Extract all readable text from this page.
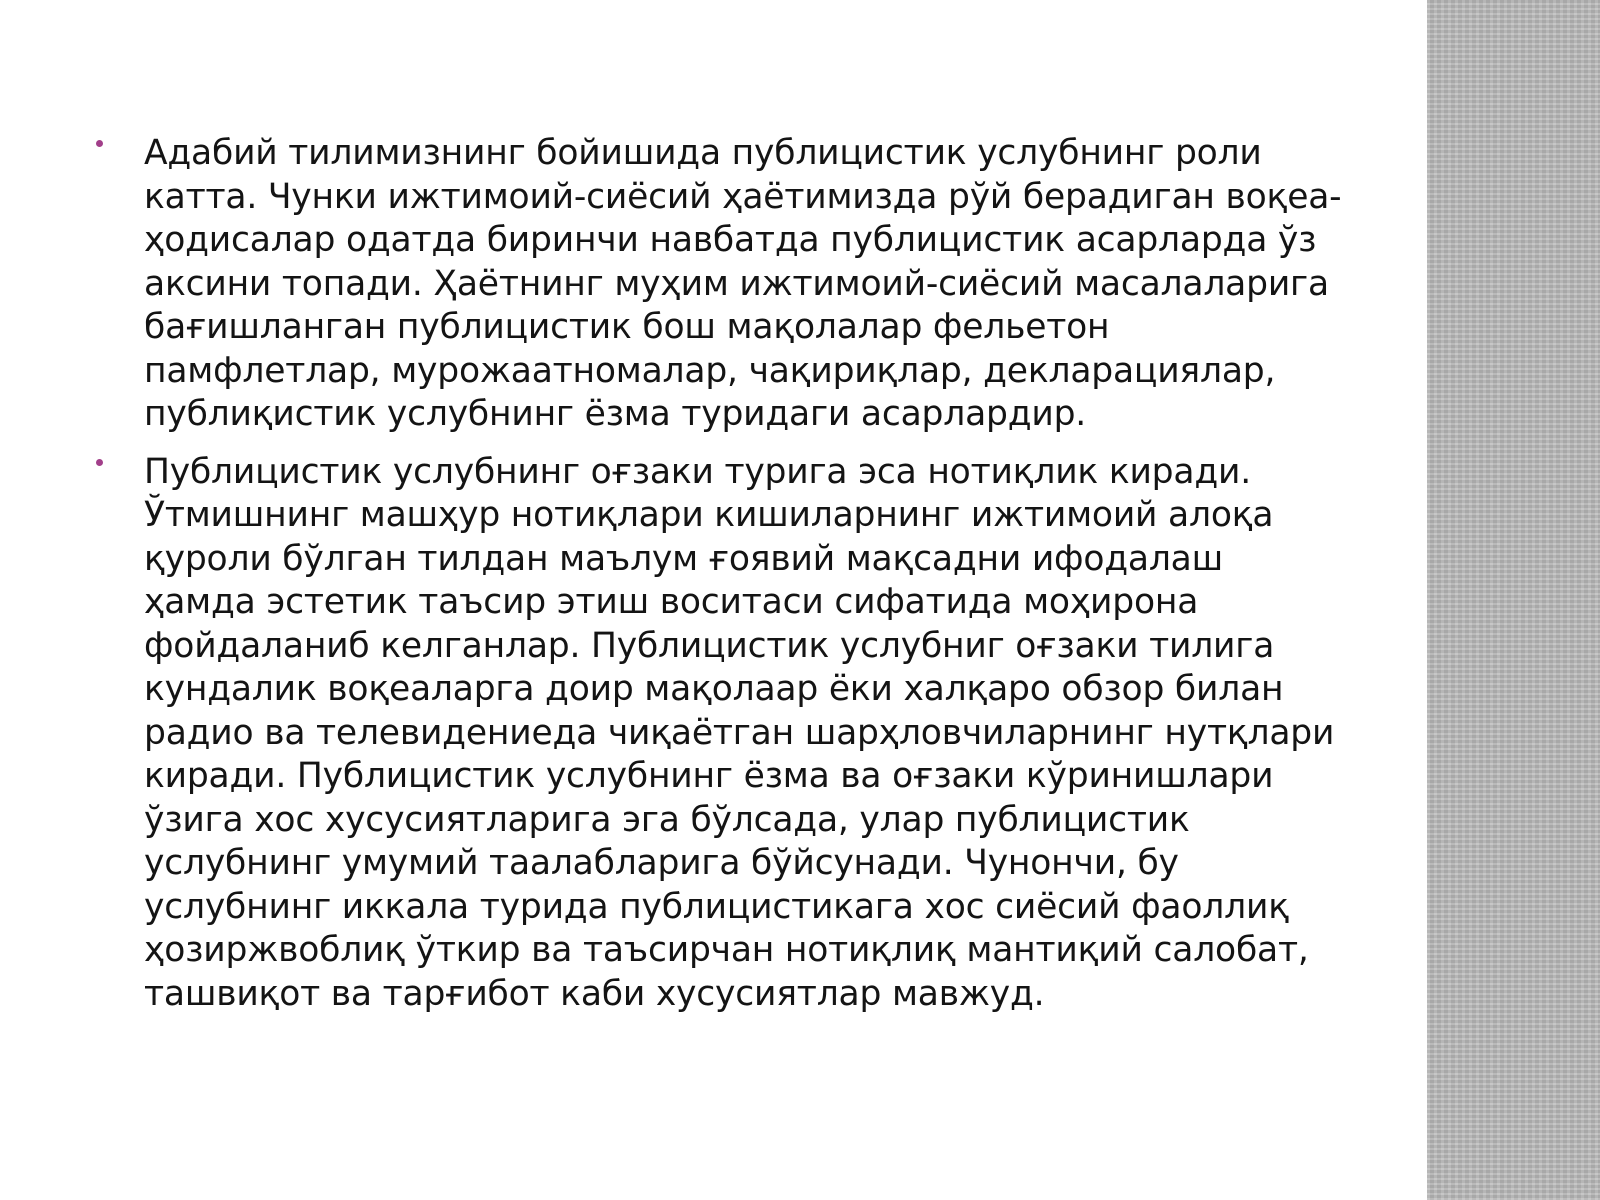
Адабий тилимизнинг бойишида публицистик услубнинг роли катта. Чунки ижтимоий-сиёсий ҳаётимизда рўй берадиган воқеа-ҳодисалар одатда биринчи навбатда публицистик асарларда ўз аксини топади. Ҳаётнинг муҳим ижтимоий-сиёсий масалаларига бағишланган публицистик бош мақолалар фельетон памфлетлар, мурожаатномалар, чақириқлар, декларациялар, публиқистик услубнинг ёзма туридаги асарлардир.
Публицистик услубнинг оғзаки турига эса нотиқлик киради. Ўтмишнинг машҳур нотиқлари кишиларнинг ижтимоий алоқа қуроли бўлган тилдан маълум ғоявий мақсадни ифодалаш ҳамда эстетик таъсир этиш воситаси сифатида моҳирона фойдаланиб келганлар. Публицистик услубниг оғзаки тилига кундалик воқеаларга доир мақолаар ёки халқаро обзор билан радио ва телевидениеда чиқаётган шарҳловчиларнинг нутқлари киради. Публицистик услубнинг ёзма ва оғзаки кўринишлари ўзига хос хусусиятларига эга бўлсада, улар публицистик услубнинг умумий таалабларига бўйсунади. Чунончи, бу услубнинг иккала турида публицистикага хос сиёсий фаоллиқ ҳозиржвоблиқ ўткир ва таъсирчан нотиқлиқ мантиқий салобат, ташвиқот ва тарғибот каби хусусиятлар мавжуд.
